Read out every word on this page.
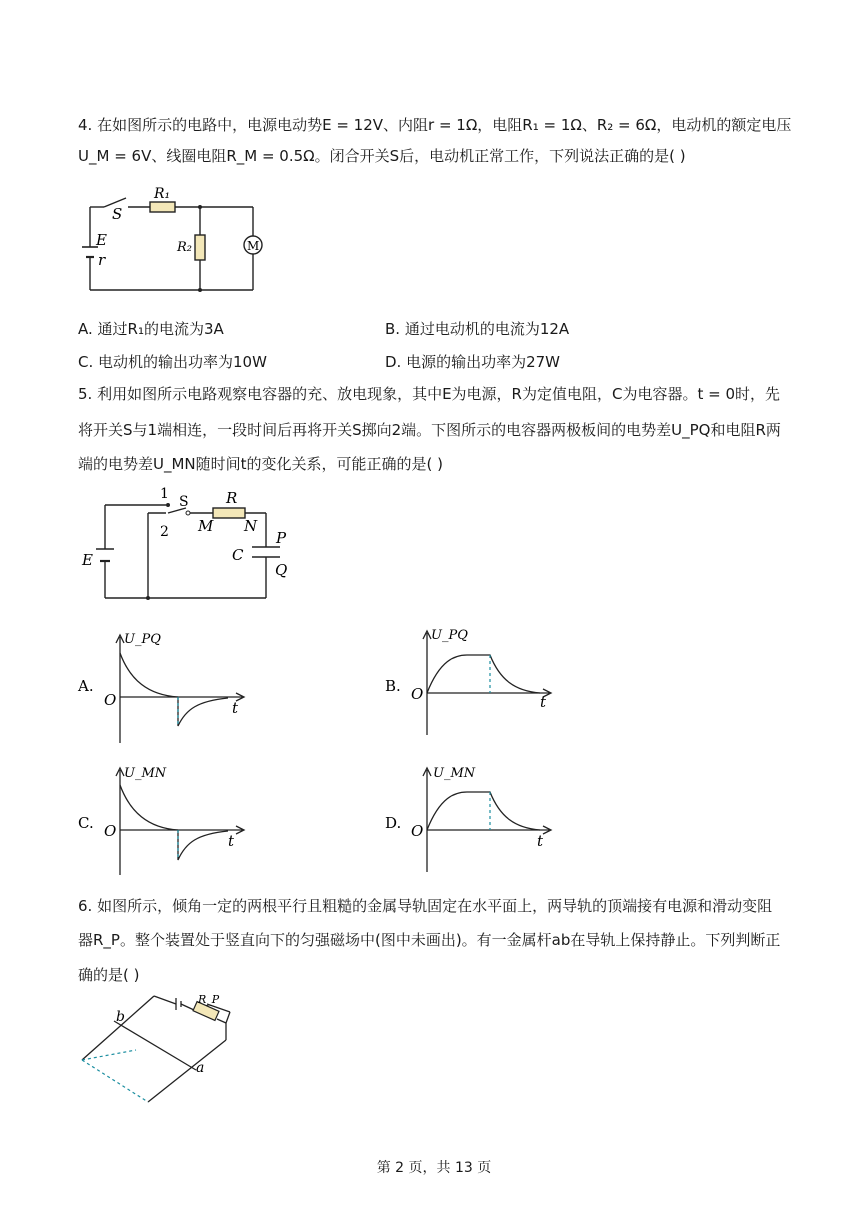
4. 在如图所示的电路中，电源电动势E = 12V、内阻r = 1Ω，电阻R₁ = 1Ω、R₂ = 6Ω，电动机的额定电压
U_M = 6V、线圈电阻R_M = 0.5Ω。闭合开关S后，电动机正常工作，下列说法正确的是( )
S
R₁
R₂
E
r
M
A. 通过R₁的电流为3A	B. 通过电动机的电流为12A
C. 电动机的输出功率为10W	D. 电源的输出功率为27W
5. 利用如图所示电路观察电容器的充、放电现象，其中E为电源，R为定值电阻，C为电容器。t = 0时，先
将开关S与1端相连，一段时间后再将开关S掷向2端。下图所示的电容器两极板间的电势差U_PQ和电阻R两
端的电势差U_MN随时间t的变化关系，可能正确的是( )
1
2
S R
M N
C
P
Q
E
A.
U_PQ
O	t
B.
U_PQ
O	t
C.
U_MN
O
t
D.
U_MN
O
t
6. 如图所示，倾角一定的两根平行且粗糙的金属导轨固定在水平面上，两导轨的顶端接有电源和滑动变阻
器R_P。整个装置处于竖直向下的匀强磁场中(图中未画出)。有一金属杆ab在导轨上保持静止。下列判断正
确的是( )
b
a
R_P
第 2 页，共 13 页
